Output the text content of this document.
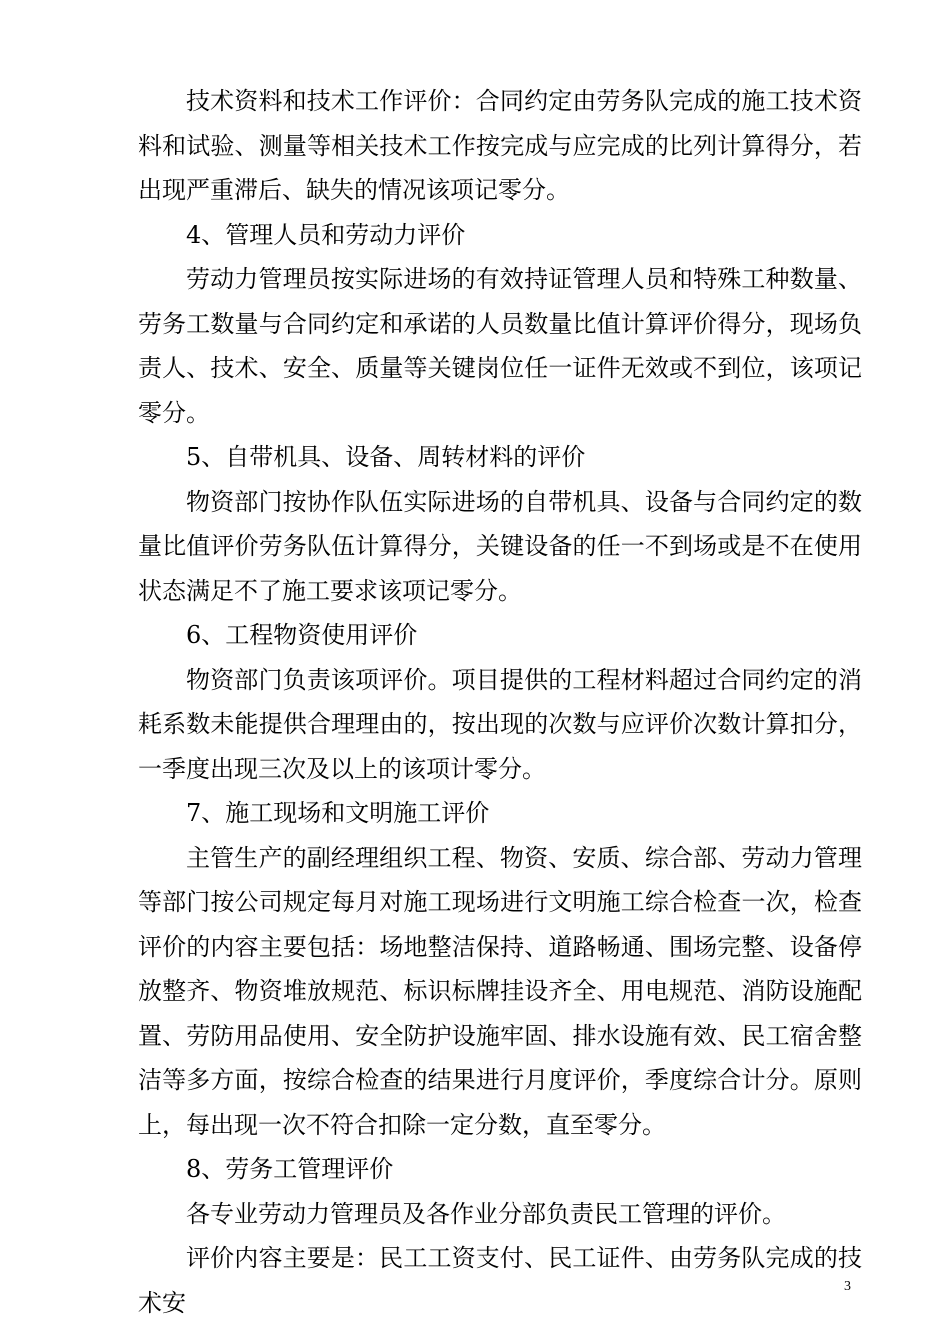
技术资料和技术工作评价：合同约定由劳务队完成的施工技术资料和试验、测量等相关技术工作按完成与应完成的比列计算得分，若出现严重滞后、缺失的情况该项记零分。

4、管理人员和劳动力评价

劳动力管理员按实际进场的有效持证管理人员和特殊工种数量、劳务工数量与合同约定和承诺的人员数量比值计算评价得分，现场负责人、技术、安全、质量等关键岗位任一证件无效或不到位，该项记零分。

5、自带机具、设备、周转材料的评价

物资部门按协作队伍实际进场的自带机具、设备与合同约定的数量比值评价劳务队伍计算得分，关键设备的任一不到场或是不在使用状态满足不了施工要求该项记零分。

6、工程物资使用评价

物资部门负责该项评价。项目提供的工程材料超过合同约定的消耗系数未能提供合理理由的，按出现的次数与应评价次数计算扣分，一季度出现三次及以上的该项计零分。

7、施工现场和文明施工评价

主管生产的副经理组织工程、物资、安质、综合部、劳动力管理等部门按公司规定每月对施工现场进行文明施工综合检查一次，检查评价的内容主要包括：场地整洁保持、道路畅通、围场完整、设备停放整齐、物资堆放规范、标识标牌挂设齐全、用电规范、消防设施配置、劳防用品使用、安全防护设施牢固、排水设施有效、民工宿舍整洁等多方面，按综合检查的结果进行月度评价，季度综合计分。原则上，每出现一次不符合扣除一定分数，直至零分。

8、劳务工管理评价

各专业劳动力管理员及各作业分部负责民工管理的评价。

评价内容主要是：民工工资支付、民工证件、由劳务队完成的技术安

3
